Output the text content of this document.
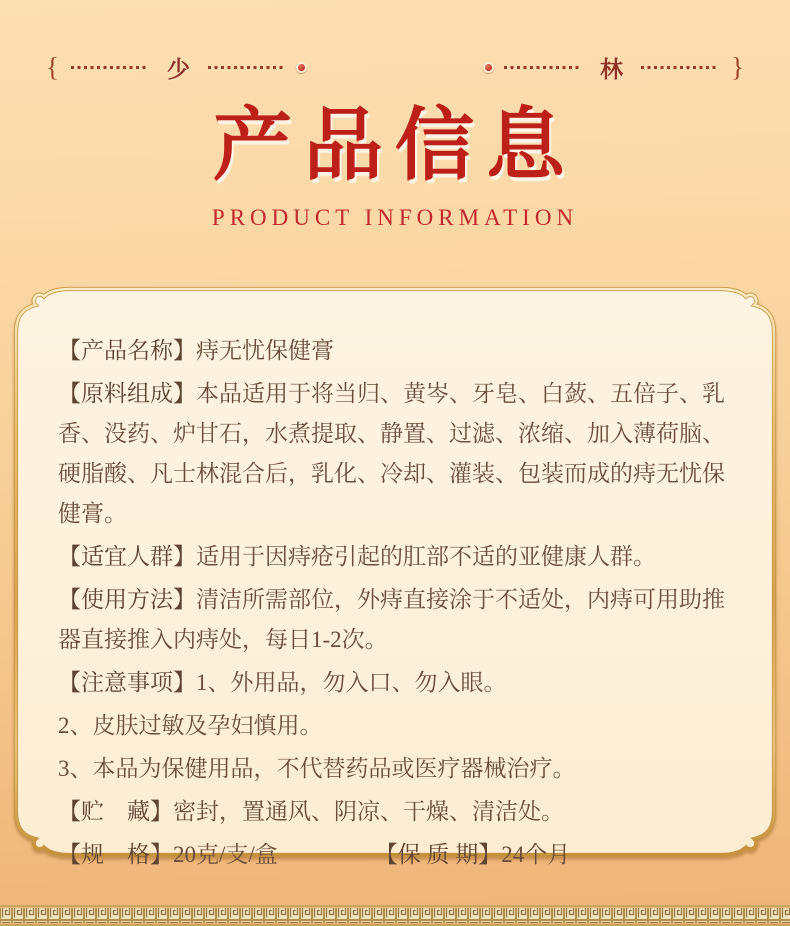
{	少	林	}
产品信息
PRODUCT INFORMATION

【产品名称】痔无忧保健膏

【原料组成】本品适用于将当归、黄岑、牙皂、白蔹、五倍子、乳香、没药、炉甘石，水煮提取、静置、过滤、浓缩、加入薄荷脑、硬脂酸、凡士林混合后，乳化、冷却、灌装、包装而成的痔无忧保健膏。

【适宜人群】适用于因痔疮引起的肛部不适的亚健康人群。

【使用方法】清洁所需部位，外痔直接涂于不适处，内痔可用助推器直接推入内痔处，每日1-2次。

【注意事项】1、外用品，勿入口、勿入眼。

2、皮肤过敏及孕妇慎用。

3、本品为保健用品，不代替药品或医疗器械治疗。

【贮　藏】密封，置通风、阴凉、干燥、清洁处。

【规　格】20克/支/盒	【保 质 期】24个月
